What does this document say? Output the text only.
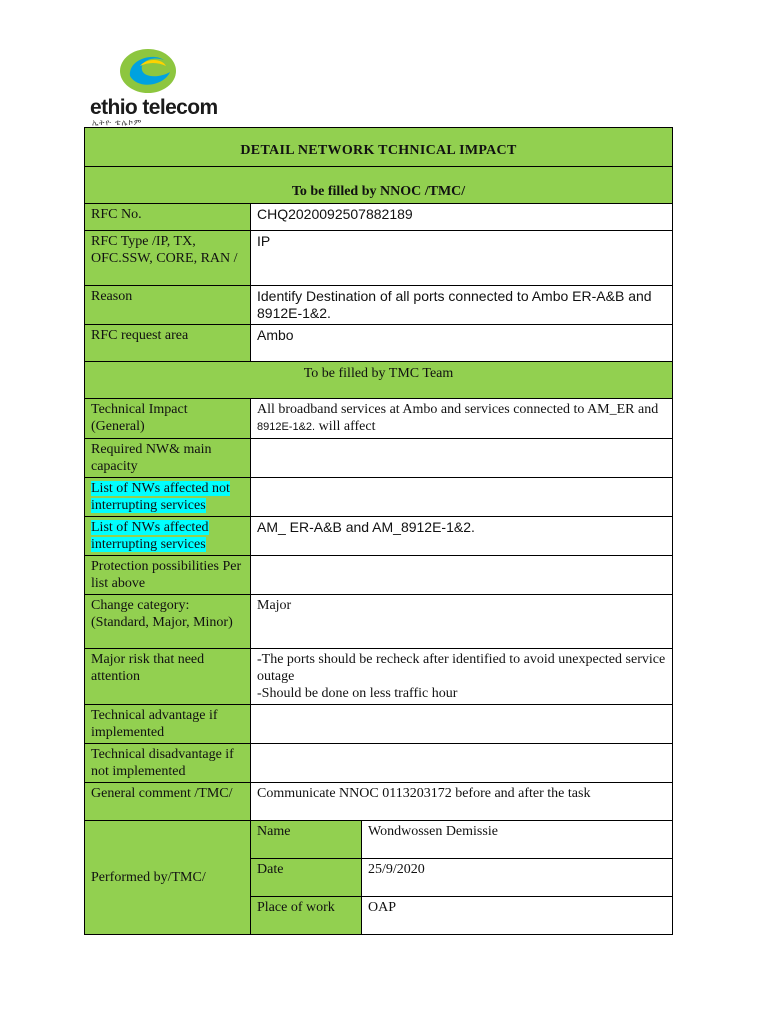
ethio telecom
ኢትዮ ቴሌኮም
DETAIL NETWORK TCHNICAL IMPACT		
To be filled by NNOC /TMC/		
RFC No.	CHQ2020092507882189	
RFC Type /IP, TX, OFC.SSW, CORE, RAN /	IP	
Reason	Identify Destination of all ports connected to Ambo ER-A&B and 8912E-1&2.	
RFC request area	Ambo	
To be filled by TMC Team		
Technical Impact (General)	All broadband services at Ambo and services connected to AM_ER and 8912E-1&2. will affect	
Required NW& main capacity		
List of NWs affected not interrupting services		
List of NWs affected interrupting services	AM_ ER-A&B and AM_8912E-1&2.	
Protection possibilities Per list above		
Change category: (Standard, Major, Minor)	Major	
Major risk that need attention	-The ports should be recheck after identified to avoid unexpected service outage
-Should be done on less traffic hour	

Technical advantage if implemented		
Technical disadvantage if not implemented		
General comment /TMC/	Communicate NNOC 0113203172 before and after the task	
Performed by/TMC/	Name	Wondwossen Demissie
	Date	25/9/2020
	Place of work	OAP
